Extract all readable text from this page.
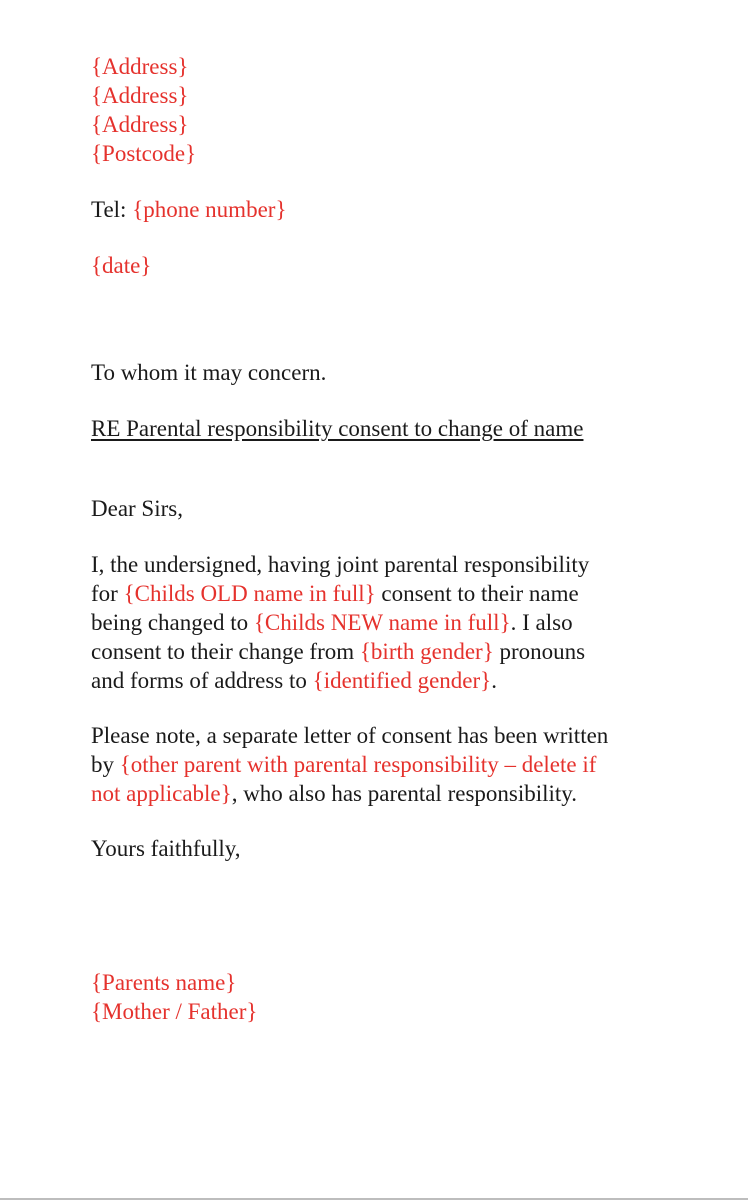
{Address}
{Address}
{Address}
{Postcode}
Tel: {phone number}
{date}
To whom it may concern.
RE Parental responsibility consent to change of name
Dear Sirs,
I, the undersigned, having joint parental responsibility
for {Childs OLD name in full} consent to their name
being changed to {Childs NEW name in full}. I also
consent to their change from {birth gender} pronouns
and forms of address to {identified gender}.
Please note, a separate letter of consent has been written
by {other parent with parental responsibility – delete if
not applicable}, who also has parental responsibility.
Yours faithfully,
{Parents name}
{Mother / Father}
